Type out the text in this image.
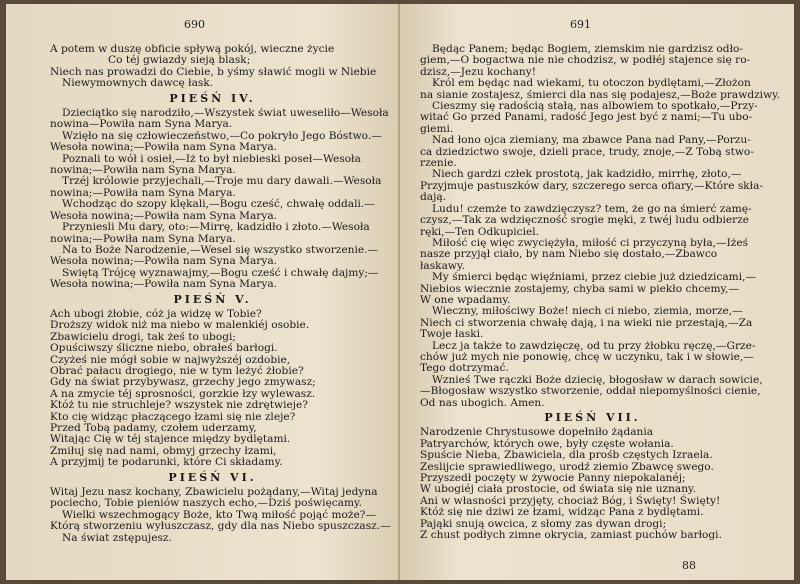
690
A potem w duszę obficie spływą pokój, wieczne życie
Co téj gwiazdy sieją blask;
Niech nas prowadzi do Ciebie, b yśmy sławić mogli w Niebie
Niewymownych dawcę łask.
PIEŚŃ IV.
Dzieciątko się narodziło,—Wszystek świat uweseliło—Wesoła
nowina—Powiła nam Syna Marya.
Wzięło na się człowieczeństwo,—Co pokryło Jego Bóstwo.—
Wesoła nowina;—Powiła nam Syna Marya.
Poznali to wół i osieł,—Iż to był niebieski poseł—Wesoła
nowina;—Powiła nam Syna Marya.
Trzéj królowie przyjechali,—Troje mu dary dawali.—Wesoła
nowina;—Powiła nam Syna Marya.
Wchodząc do szopy klękali,—Bogu cześć, chwałę oddali.—
Wesoła nowina;—Powiła nam Syna Marya.
Przyniesli Mu dary, oto:—Mirrę, kadzidło i złoto.—Wesoła
nowina;—Powiła nam Syna Marya.
Na to Boże Narodzenie,—Wesel się wszystko stworzenie.—
Wesoła nowina;—Powiła nam Syna Marya.
Swiętą Trójcę wyznawajmy,—Bogu cześć i chwałę dajmy;—
Wesoła nowina;—Powiła nam Syna Marya.
PIEŚŃ V.
Ach ubogi żłobie, cóż ja widzę w Tobie?
Droższy widok niż ma niebo w malenkiéj osobie.
Zbawicielu drogi, tak żeś to ubogi;
Opuściwszy śliczne niebo, obrałeś barłogi.
Czyżeś nie mógł sobie w najwyższéj ozdobie,
Obrać pałacu drogiego, nie w tym leżyć żłobie?
Gdy na świat przybywasz, grzechy jego zmywasz;
A na zmycie téj sprosności, gorzkie łzy wylewasz.
Któż tu nie struchleje? wszystek nie zdrętwieje?
Kto cię widząc płaczącego łzami się nie zleje?
Przed Tobą padamy, czołem uderzamy,
Witając Cię w téj stajence między bydlętami.
Zmiłuj się nad nami, obmyj grzechy łzami,
A przyjmij te podarunki, które Ci składamy.
PIEŚŃ VI.
Witaj Jezu nasz kochany, Zbawicielu pożądany,—Witaj jedyna
pociecho, Tobie pieniów naszych echo,—Dziś poświęcamy.
Wielki wszechmogący Boże, kto Twą miłość pojąć może?—
Którą stworzeniu wyłuszczasz, gdy dla nas Niebo spuszczasz.—
Na świat zstępujesz.
691
Będąc Panem; będąc Bogiem, ziemskim nie gardzisz odło-
giem,—O bogactwa nie nie chodzisz, w podłéj stajence się ro-
dzisz,—Jezu kochany!
Król em będąc nad wiekami, tu otoczon bydlętami,—Złożon
na sianie zostajesz, śmierci dla nas się podajesz,—Boże prawdziwy.
Cieszmy się radością stałą, nas albowiem to spotkało,—Przy-
witać Go przed Panami, radość Jego jest być z nami;—Tu ubo-
giemi.
Nad łono ojca ziemiany, ma zbawce Pana nad Pany,—Porzu-
ca dziedzictwo swoje, dzieli prace, trudy, znoje,—Z Tobą stwo-
rzenie.
Niech gardzi człek prostotą, jak kadzidło, mirrhę, złoto,—
Przyjmuje pastuszków dary, szczerego serca ofiary,—Które skła-
dają.
Ludu! czemże to zawdzięczysz? tem, że go na śmierć zamę-
czysz,—Tak za wdzięczność srogie męki, z twéj ludu odbierze
ręki,—Ten Odkupiciel.
Miłość cię więc zwyciężyła, miłość ci przyczyną była,—Iżeś
nasze przyjął ciało, by nam Niebo się dostało,—Zbawco
łaskawy.
My śmierci będąc więźniami, przez ciebie już dziedzicami,—
Niebios wiecznie zostajemy, chyba sami w piekło chcemy,—
W one wpadamy.
Wieczny, miłościwy Boże! niech ci niebo, ziemia, morze,—
Niech ci stworzenia chwałę dają, i na wieki nie przestają,—Za
Twoje łaski.
Lecz ja także to zawdzięczę, od tu przy żłobku ręczę,—Grze-
chów już mych nie ponowię, chcę w uczynku, tak i w słowie,—
Tego dotrzymać.
Wznieś Twe rączki Boże dziecię, błogosław w darach sowicie,
—Błogosław wszystko stworzenie, oddał niepomyślności cienie,
Od nas ubogich. Amen.
PIEŚŃ VII.
Narodzenie Chrystusowe dopełniło żądania
Patryarchów, których owe, były częste wołania.
Spuście Nieba, Zbawiciela, dla prośb częstych Izraela.
Zeslijcie sprawiedliwego, urodź ziemio Zbawcę swego.
Przyszedł poczęty w żywocie Panny niepokalanéj;
W ubogiéj ciała prostocie, od świata się nie uznany.
Ani w własności przyjęty, chociaż Bóg, i Święty! Święty!
Któż się nie dziwi ze łzami, widząc Pana z bydlętami.
Pająki snują owcica, z słomy zas dywan drogi;
Z chust podłych zimne okrycia, zamiast puchów barłogi.
88
